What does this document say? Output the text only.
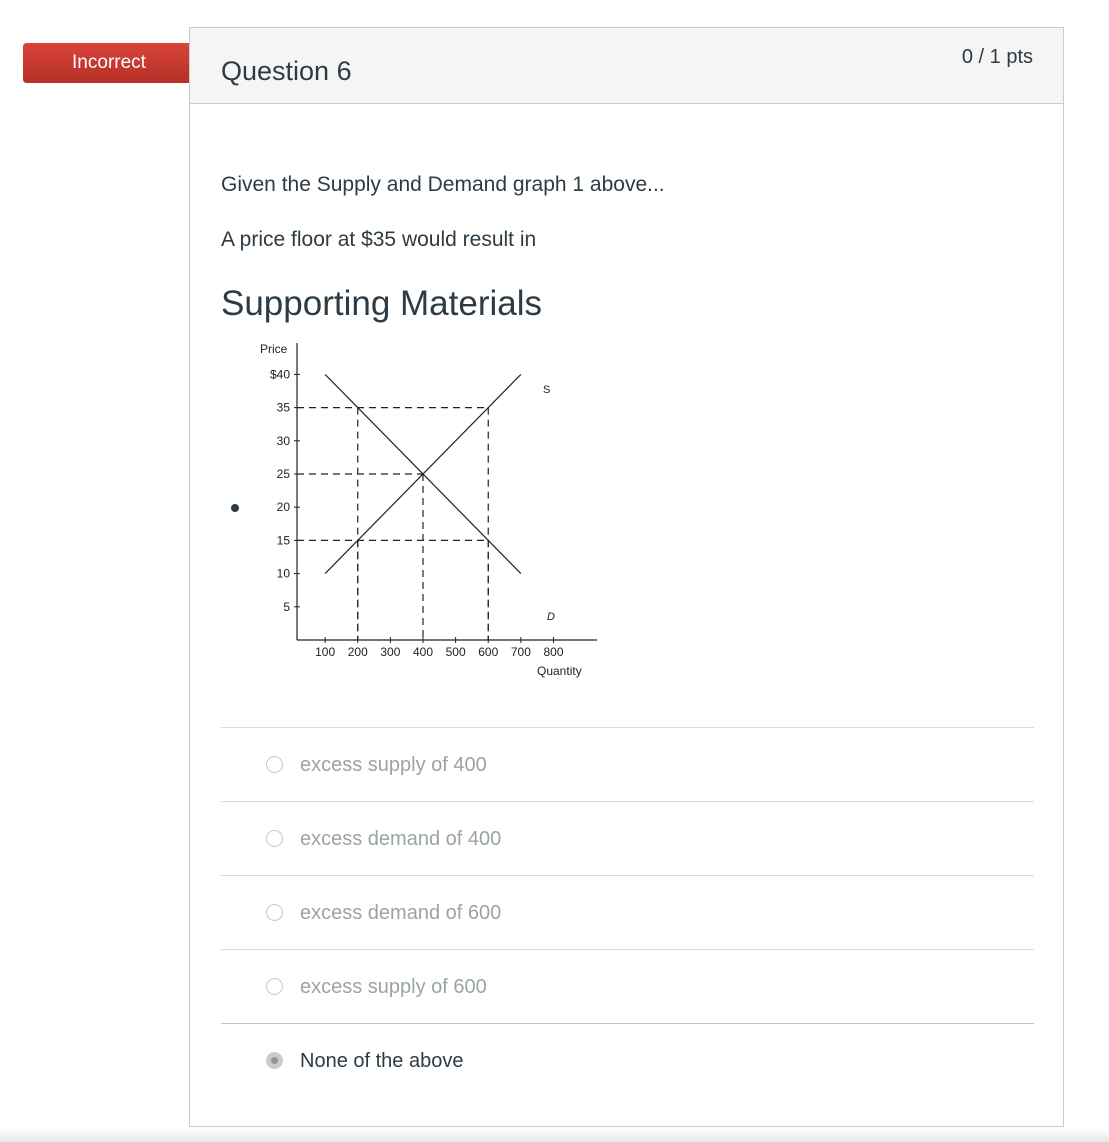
Incorrect	Question 6	0 / 1 pts
Given the Supply and Demand graph 1 above...
A price floor at $35 would result in
Supporting Materials
Price
$40
35
30
25
20
15
10
5
100 200 300 400 500 600 700 800
Quantity
S
D
excess supply of 400
excess demand of 400
excess demand of 600
excess supply of 600
None of the above
